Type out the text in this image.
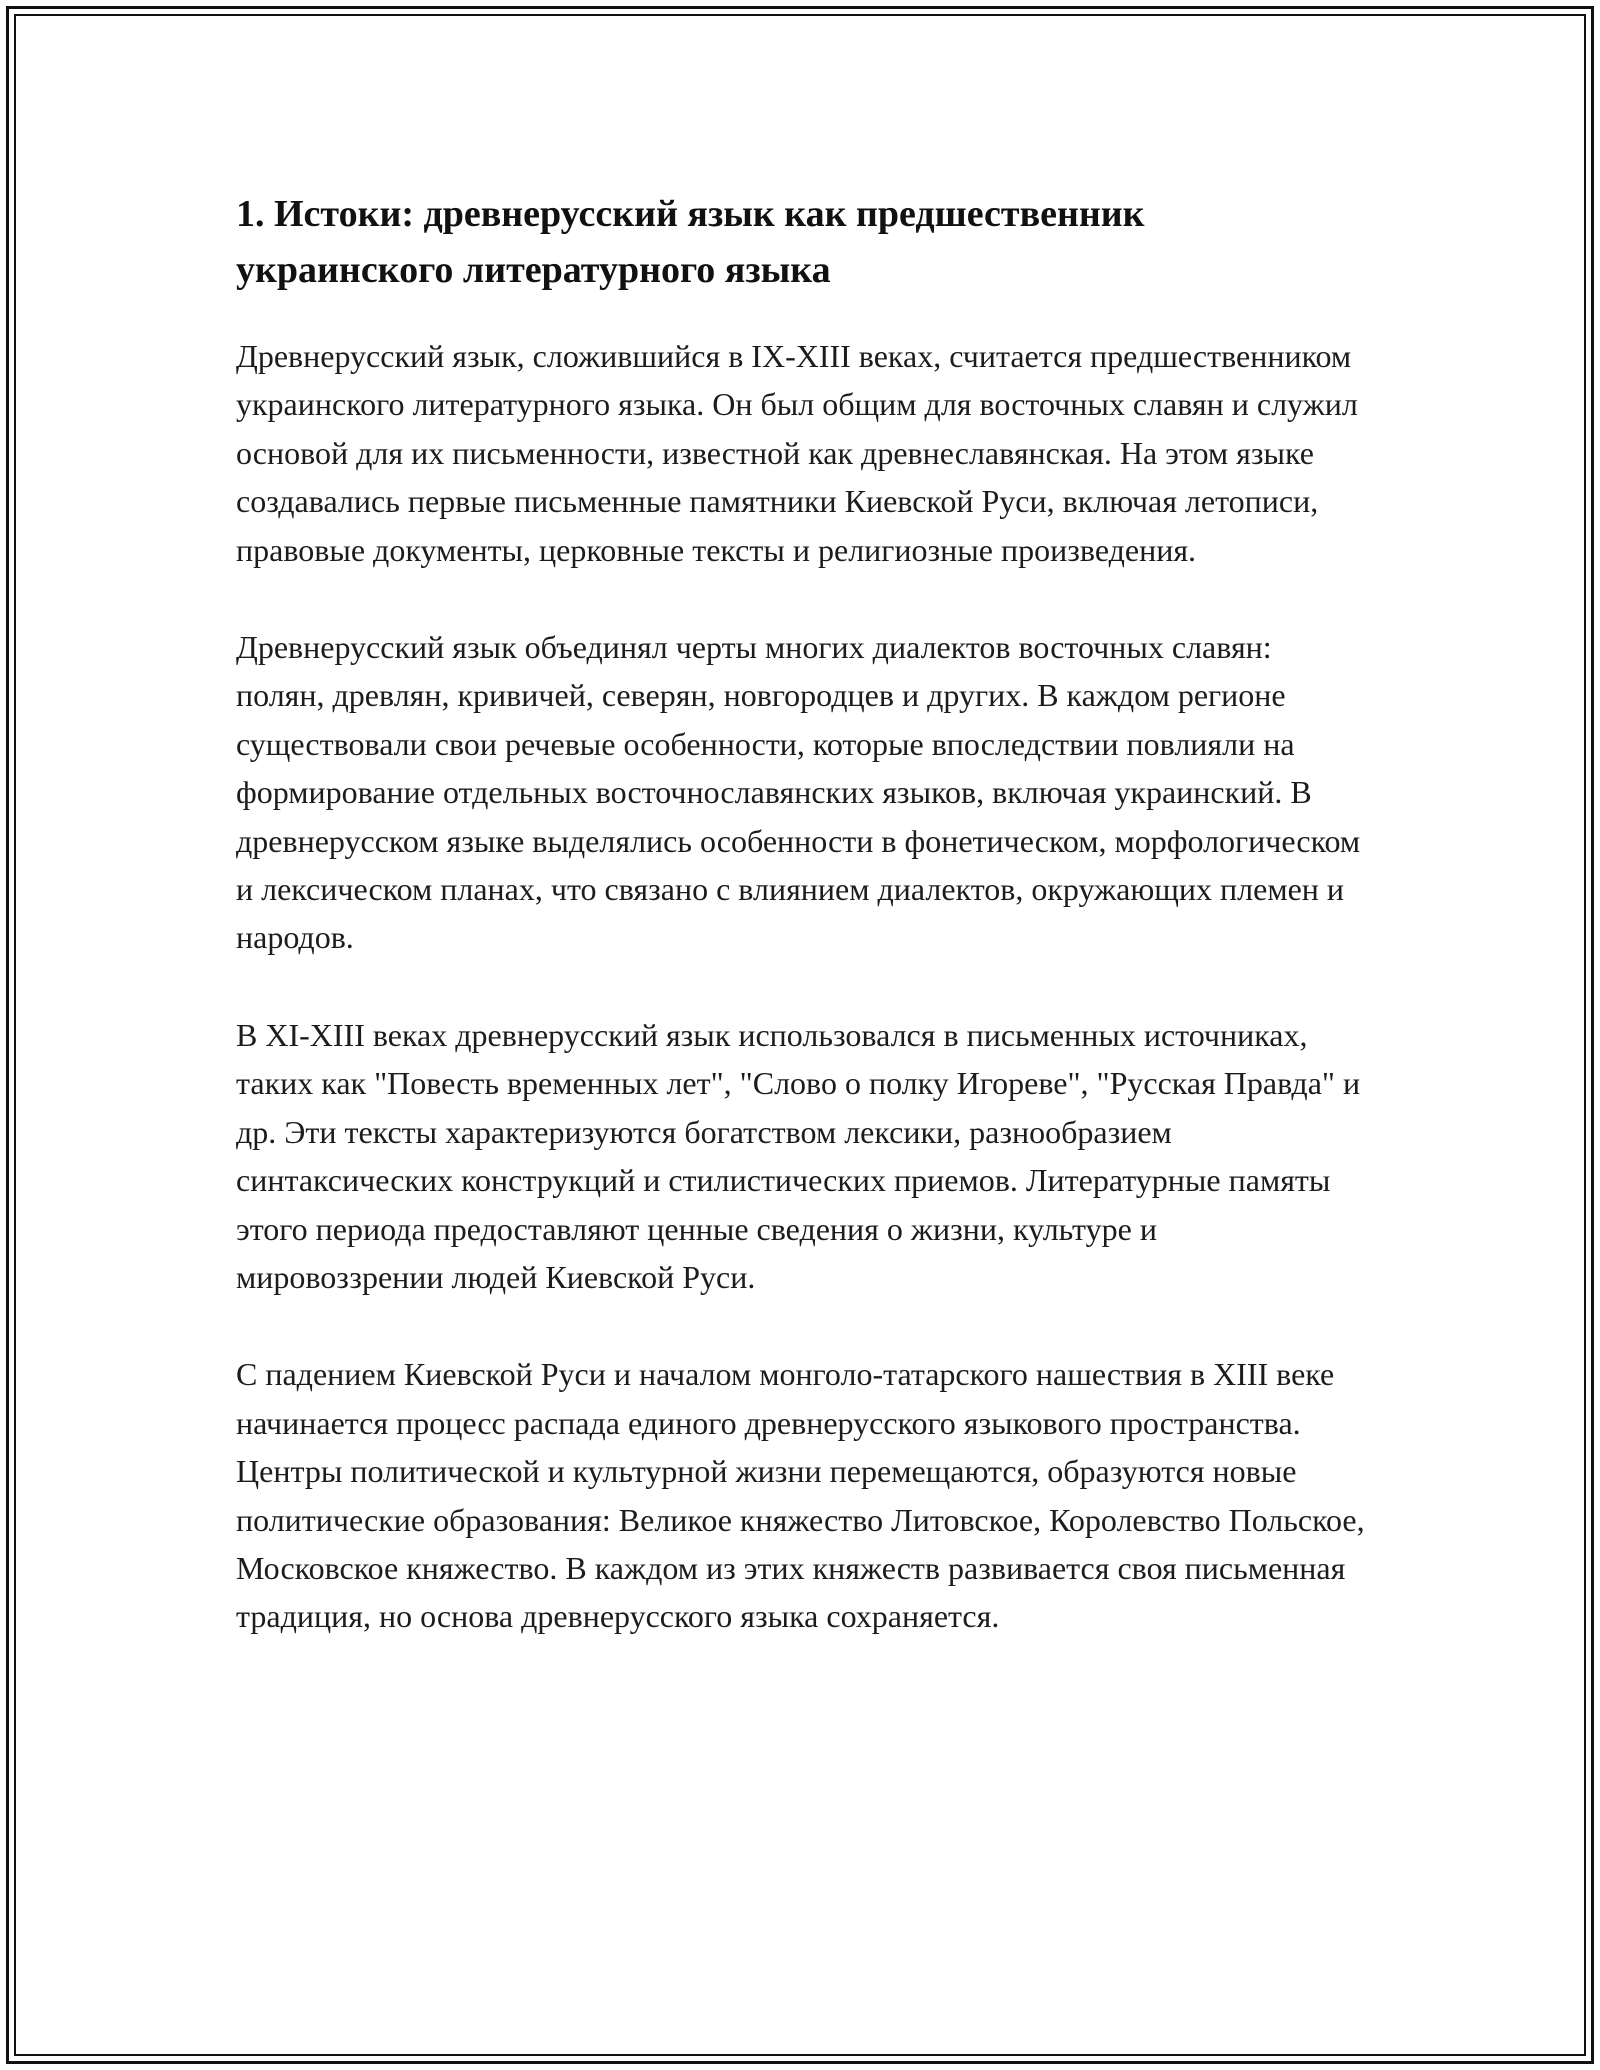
1. Истоки: древнерусский язык как предшественник украинского литературного языка

Древнерусский язык, сложившийся в IX-XIII веках, считается предшественником украинского литературного языка. Он был общим для восточных славян и служил основой для их письменности, известной как древнеславянская. На этом языке создавались первые письменные памятники Киевской Руси, включая летописи, правовые документы, церковные тексты и религиозные произведения.

Древнерусский язык объединял черты многих диалектов восточных славян: полян, древлян, кривичей, северян, новгородцев и других. В каждом регионе существовали свои речевые особенности, которые впоследствии повлияли на формирование отдельных восточнославянских языков, включая украинский. В древнерусском языке выделялись особенности в фонетическом, морфологическом и лексическом планах, что связано с влиянием диалектов, окружающих племен и народов.

В XI-XIII веках древнерусский язык использовался в письменных источниках, таких как "Повесть временных лет", "Слово о полку Игореве", "Русская Правда" и др. Эти тексты характеризуются богатством лексики, разнообразием синтаксических конструкций и стилистических приемов. Литературные памяты этого периода предоставляют ценные сведения о жизни, культуре и мировоззрении людей Киевской Руси.

С падением Киевской Руси и началом монголо-татарского нашествия в XIII веке начинается процесс распада единого древнерусского языкового пространства. Центры политической и культурной жизни перемещаются, образуются новые политические образования: Великое княжество Литовское, Королевство Польское, Московское княжество. В каждом из этих княжеств развивается своя письменная традиция, но основа древнерусского языка сохраняется.
